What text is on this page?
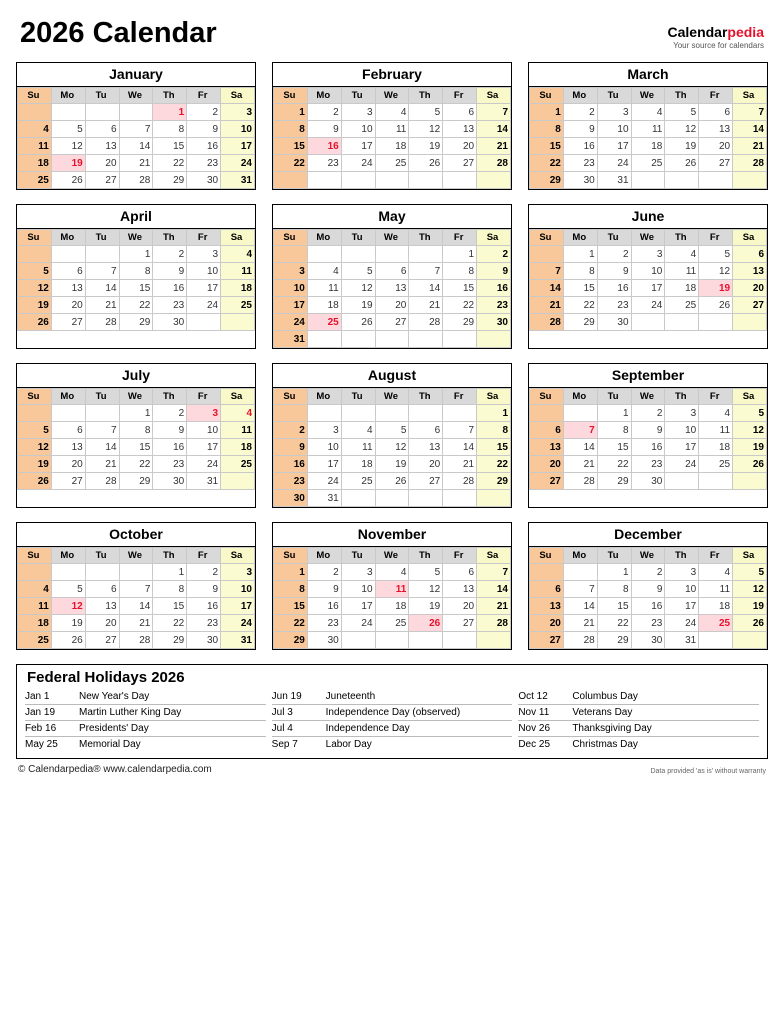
2026 Calendar	Calendarpedia
Your source for calendars
January
Su	Mo	Tu	We	Th	Fr	Sa
				1	2	3
4	5	6	7	8	9	10
11	12	13	14	15	16	17
18	19	20	21	22	23	24
25	26	27	28	29	30	31
February
Su	Mo	Tu	We	Th	Fr	Sa
1	2	3	4	5	6	7
8	9	10	11	12	13	14
15	16	17	18	19	20	21
22	23	24	25	26	27	28

March
Su	Mo	Tu	We	Th	Fr	Sa
1	2	3	4	5	6	7
8	9	10	11	12	13	14
15	16	17	18	19	20	21
22	23	24	25	26	27	28
29	30	31				
April
Su	Mo	Tu	We	Th	Fr	Sa
			1	2	3	4
5	6	7	8	9	10	11
12	13	14	15	16	17	18
19	20	21	22	23	24	25
26	27	28	29	30		
May
Su	Mo	Tu	We	Th	Fr	Sa
					1	2
3	4	5	6	7	8	9
10	11	12	13	14	15	16
17	18	19	20	21	22	23
24	25	26	27	28	29	30
31						
June
Su	Mo	Tu	We	Th	Fr	Sa
	1	2	3	4	5	6
7	8	9	10	11	12	13
14	15	16	17	18	19	20
21	22	23	24	25	26	27
28	29	30				
July
Su	Mo	Tu	We	Th	Fr	Sa
			1	2	3	4
5	6	7	8	9	10	11
12	13	14	15	16	17	18
19	20	21	22	23	24	25
26	27	28	29	30	31	
August
Su	Mo	Tu	We	Th	Fr	Sa
						1
2	3	4	5	6	7	8
9	10	11	12	13	14	15
16	17	18	19	20	21	22
23	24	25	26	27	28	29
30	31					
September
Su	Mo	Tu	We	Th	Fr	Sa
		1	2	3	4	5
6	7	8	9	10	11	12
13	14	15	16	17	18	19
20	21	22	23	24	25	26
27	28	29	30			
October
Su	Mo	Tu	We	Th	Fr	Sa
				1	2	3
4	5	6	7	8	9	10
11	12	13	14	15	16	17
18	19	20	21	22	23	24
25	26	27	28	29	30	31
November
Su	Mo	Tu	We	Th	Fr	Sa
1	2	3	4	5	6	7
8	9	10	11	12	13	14
15	16	17	18	19	20	21
22	23	24	25	26	27	28
29	30					
December
Su	Mo	Tu	We	Th	Fr	Sa
		1	2	3	4	5
6	7	8	9	10	11	12
13	14	15	16	17	18	19
20	21	22	23	24	25	26
27	28	29	30	31		
Federal Holidays 2026
Jan 1	New Year's Day
Jan 19	Martin Luther King Day
Feb 16	Presidents' Day
May 25	Memorial Day
Jun 19	Juneteenth
Jul 3	Independence Day (observed)
Jul 4	Independence Day
Sep 7	Labor Day
Oct 12	Columbus Day
Nov 11	Veterans Day
Nov 26	Thanksgiving Day
Dec 25	Christmas Day
© Calendarpedia® www.calendarpedia.com	Data provided 'as is' without warranty
